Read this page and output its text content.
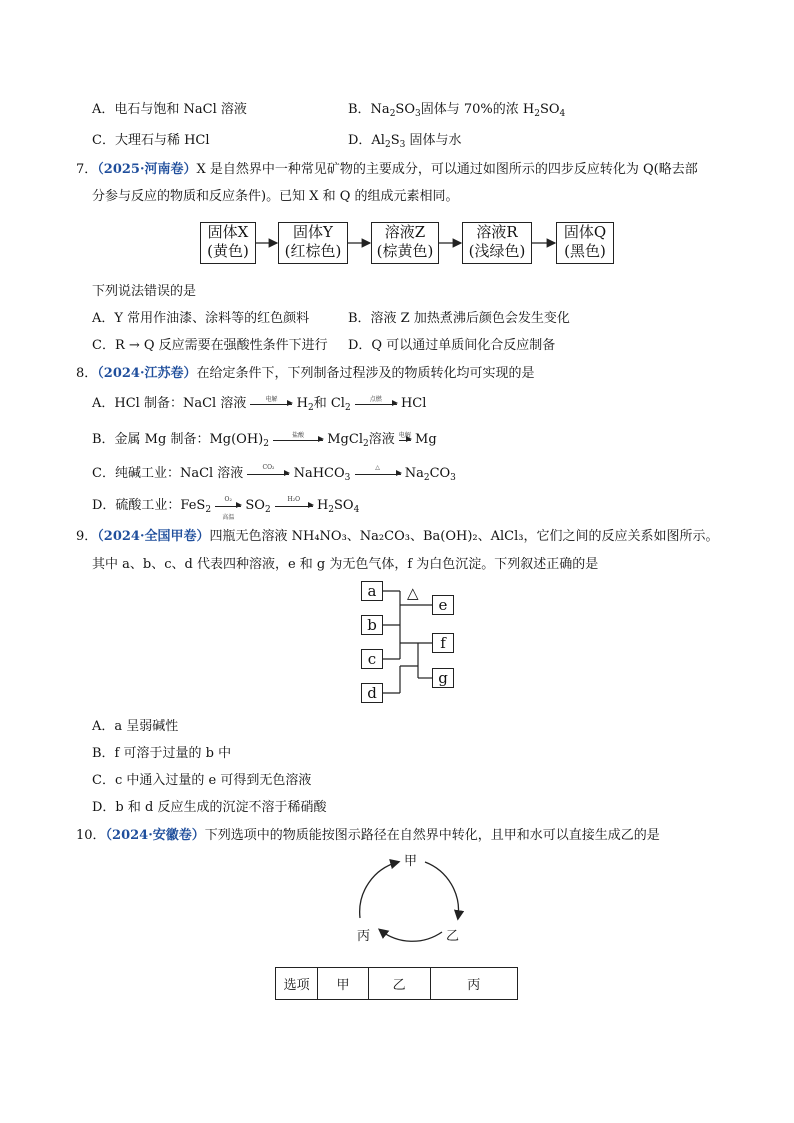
A．电石与饱和 NaCl 溶液	B．$Na_2SO_3$固体与 70%的浓 $H_2SO_4$
C．大理石与稀 HCl	D．$Al_2S_3$ 固体与水
7．（2025·河南卷）X 是自然界中一种常见矿物的主要成分，可以通过如图所示的四步反应转化为 Q(略去部
分参与反应的物质和反应条件)。已知 X 和 Q 的组成元素相同。
固体X
(黄色)
固体Y
(红棕色)
溶液Z
(棕黄色)
溶液R
(浅绿色)
固体Q
(黑色)
下列说法错误的是
A．Y 常用作油漆、涂料等的红色颜料	B．溶液 Z 加热煮沸后颜色会发生变化
C．R → Q 反应需要在强酸性条件下进行 D．Q 可以通过单质间化合反应制备
8．（2024·江苏卷）在给定条件下，下列制备过程涉及的物质转化均可实现的是
A．HCl 制备：NaCl 溶液	电解	$H_2$和 $Cl_2$
点燃	HCl
B．金属 Mg 制备：$Mg(OH)_2$
盐酸	MgCl$_2$溶液 电解 Mg
C．纯碱工业：NaCl 溶液	CO₂	NaHCO$_3$
△	$Na_2CO_3$
D．硫酸工业：FeS$_2$
O₂
高温
$SO_2$
H₂O	$H_2SO_4$
9．（2024·全国甲卷）四瓶无色溶液 NH₄NO₃、Na₂CO₃、Ba(OH)₂、AlCl₃，它们之间的反应关系如图所示。
其中 a、b、c、d 代表四种溶液，e 和 g 为无色气体，f 为白色沉淀。下列叙述正确的是
a
b
c
d
e
f
g
△
A．a 呈弱碱性
B．f 可溶于过量的 b 中
C．c 中通入过量的 e 可得到无色溶液
D．b 和 d 反应生成的沉淀不溶于稀硝酸
10．（2024·安徽卷）下列选项中的物质能按图示路径在自然界中转化，且甲和水可以直接生成乙的是
甲
乙
丙
选项	甲	乙	丙
